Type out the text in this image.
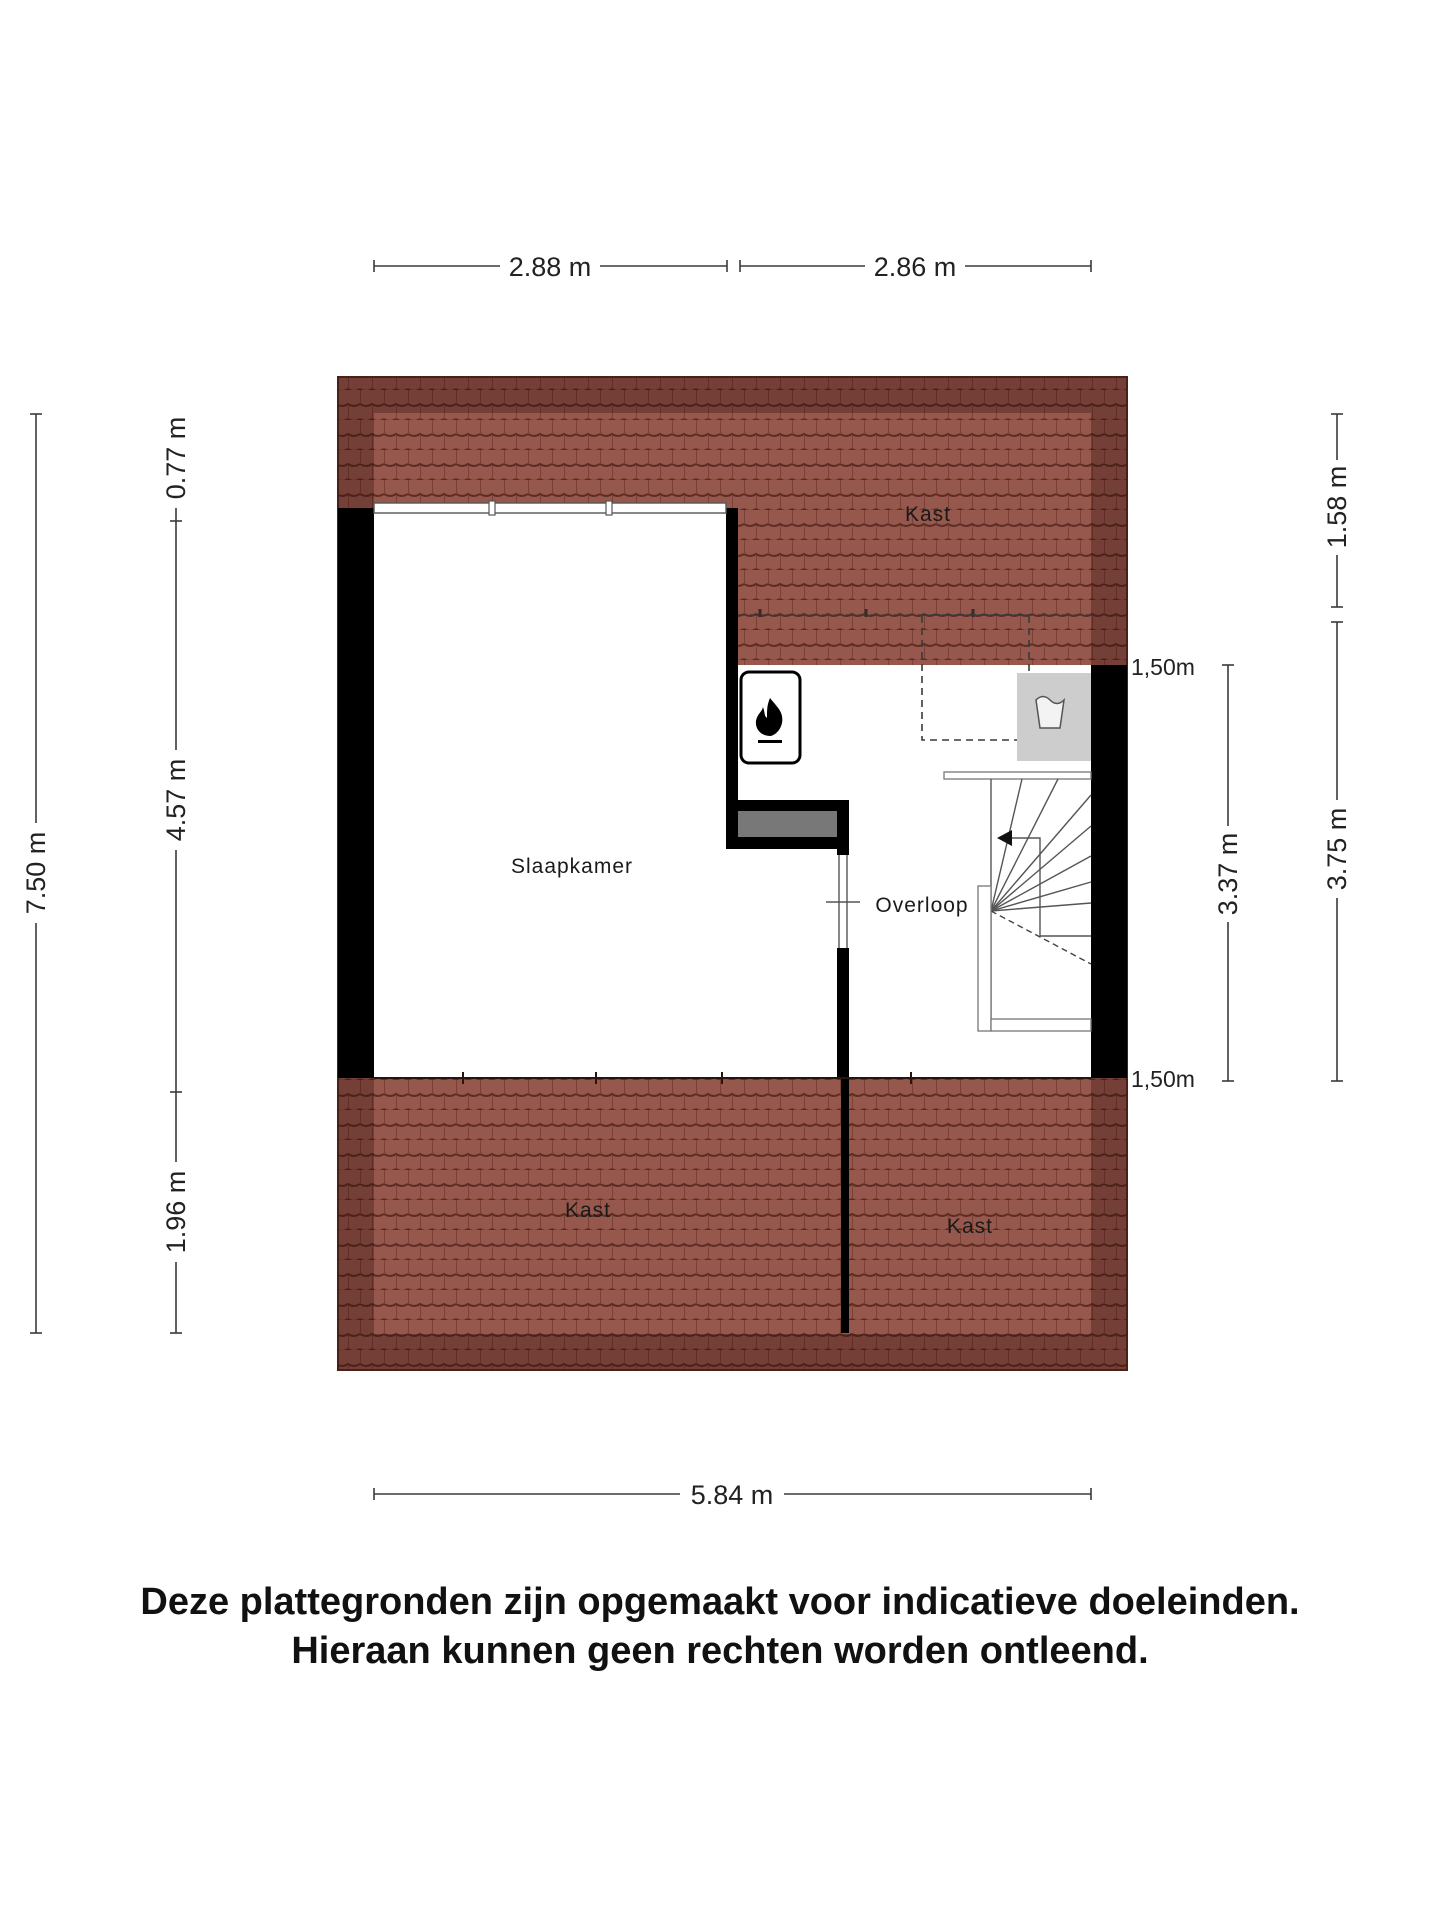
2.88 m	2.86 m
5.84 m
7.50 m
0.77 m
4.57 m
1.96 m
1.58 m
3.75 m
3.37 m
1,50m
1,50m
Kast
Slaapkamer
Overloop
Kast
Kast
Deze plattegronden zijn opgemaakt voor indicatieve doeleinden.
Hieraan kunnen geen rechten worden ontleend.
